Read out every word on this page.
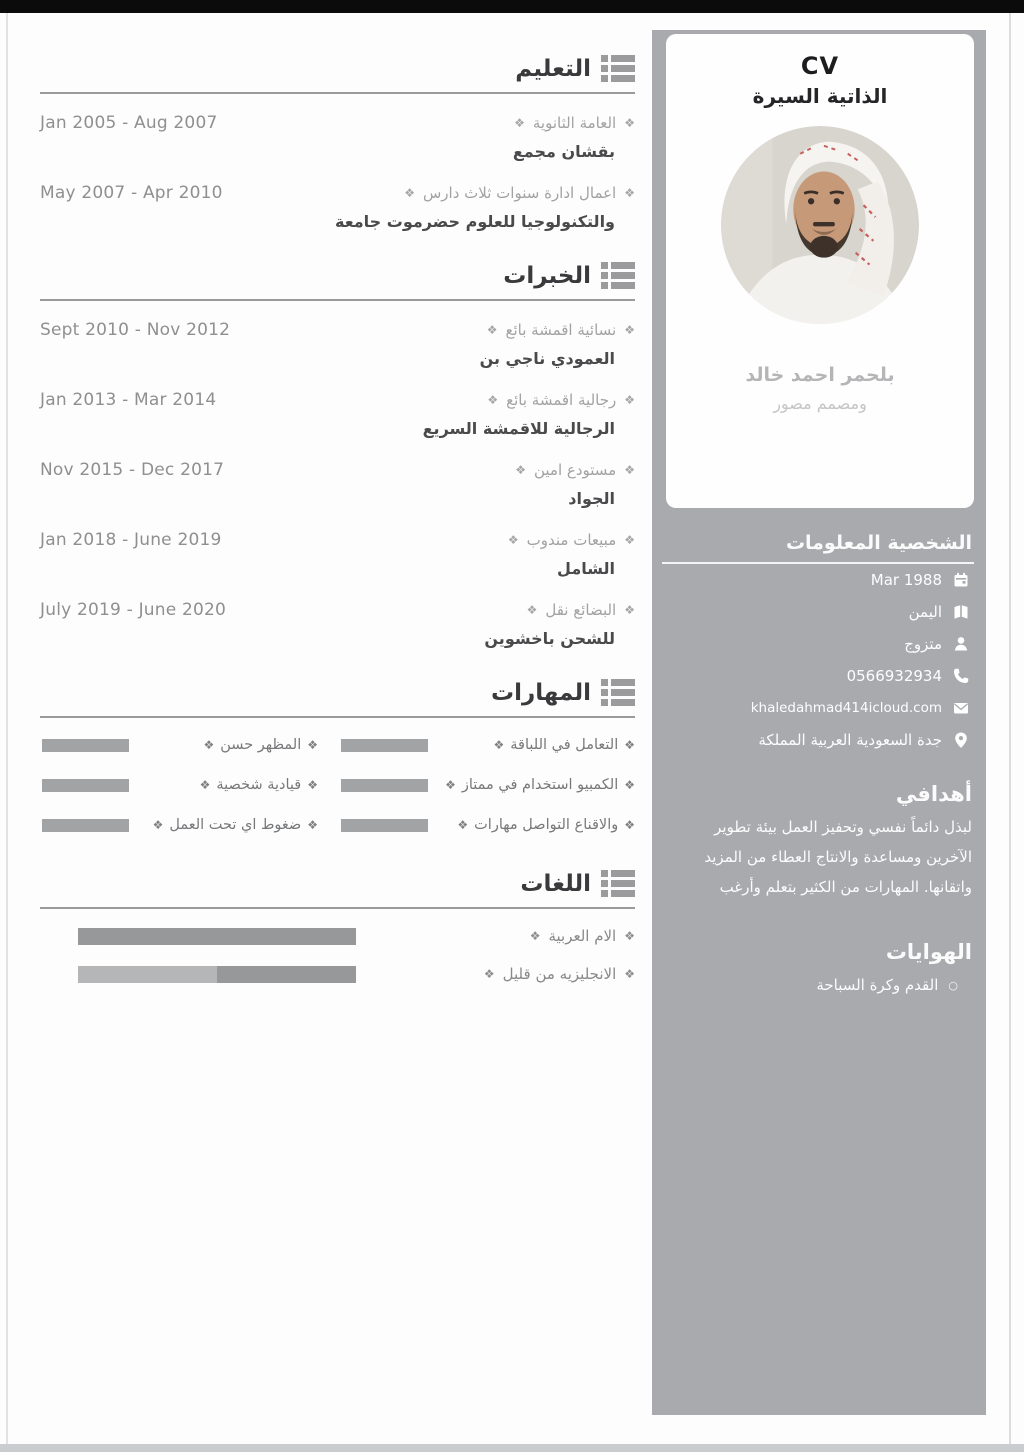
التعليم
❖
العامة الثانوية
❖
Jan 2005 - Aug 2007
بقشان مجمع
❖
اعمال ادارة سنوات ثلاث دارس
❖
May 2007 - Apr 2010
والتكنولوجيا للعلوم حضرموت جامعة
الخبرات
❖
نسائية اقمشة بائع
❖
Sept 2010 - Nov 2012
العمودي ناجي بن
❖
رجالية اقمشة بائع
❖
Jan 2013 - Mar 2014
الرجالية للاقمشة السريع
❖
مستودع امين
❖
Nov 2015 - Dec 2017
الجواد
❖
مبيعات مندوب
❖
Jan 2018 - June 2019
الشامل
❖
البضائع نقل
❖
July 2019 - June 2020
للشحن باخشوين
المهارات
❖
التعامل في اللباقة
❖
❖
المظهر حسن
❖
❖
الكمبيو استخدام في ممتاز
❖
❖
قيادية شخصية
❖
❖
والاقناع التواصل مهارات
❖
❖
ضغوط اي تحت العمل
❖
اللغات
❖
الام العربية
❖
❖
الانجليزيه من قليل
❖
CV
الذاتية السيرة
بلحمر احمد خالد
ومصمم مصور
الشخصية المعلومات
Mar 1988
اليمن
متزوج
0566932934
khaledahmad414icloud.com
جدة السعودية العربية المملكة
أهدافي
لبذل دائماً نفسي وتحفيز العمل بيئة تطوير
الآخرين ومساعدة والانتاج العطاء من المزيد
واتقانها. المهارات من الكثير بتعلم وأرغب
الهوايات
○
القدم وكرة السباحة
